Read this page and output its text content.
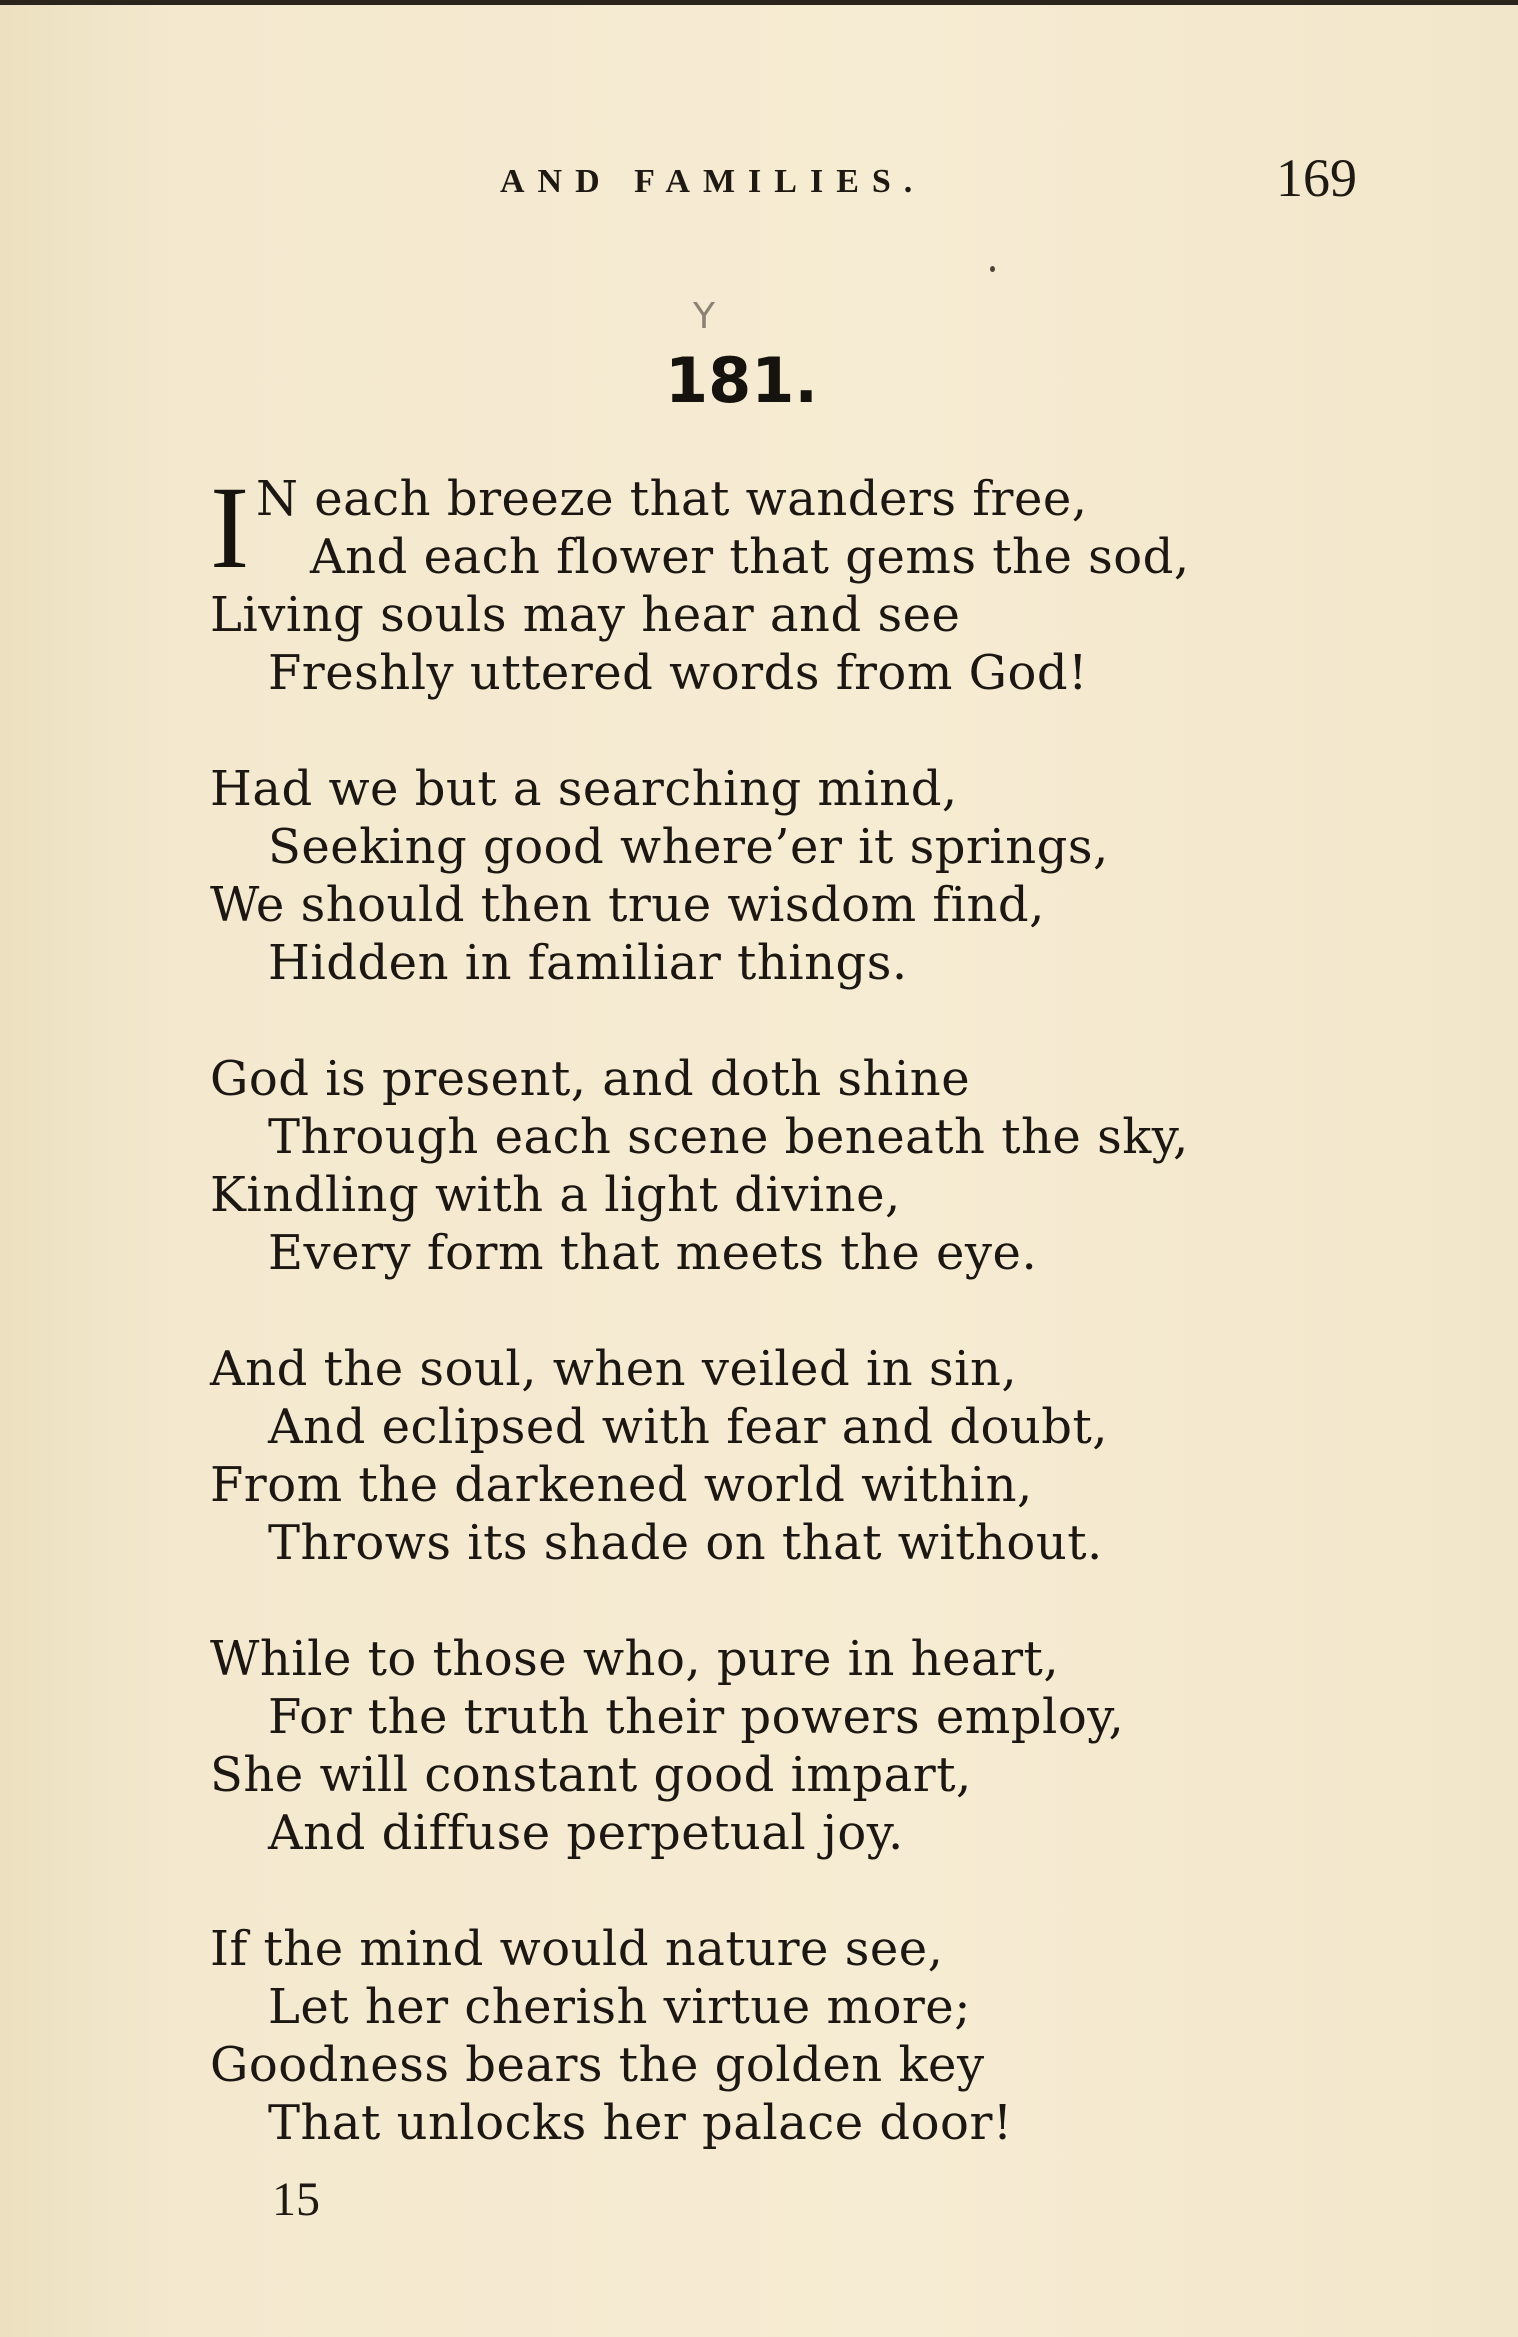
AND FAMILIES.	169
Y
181.
I N each breeze that wanders free,
And each flower that gems the sod,
Living souls may hear and see
Freshly uttered words from God!
Had we but a searching mind,
Seeking good where’er it springs,
We should then true wisdom find,
Hidden in familiar things.
God is present, and doth shine
Through each scene beneath the sky,
Kindling with a light divine,
Every form that meets the eye.
And the soul, when veiled in sin,
And eclipsed with fear and doubt,
From the darkened world within,
Throws its shade on that without.
While to those who, pure in heart,
For the truth their powers employ,
She will constant good impart,
And diffuse perpetual joy.
If the mind would nature see,
Let her cherish virtue more;
Goodness bears the golden key
That unlocks her palace door!
15
